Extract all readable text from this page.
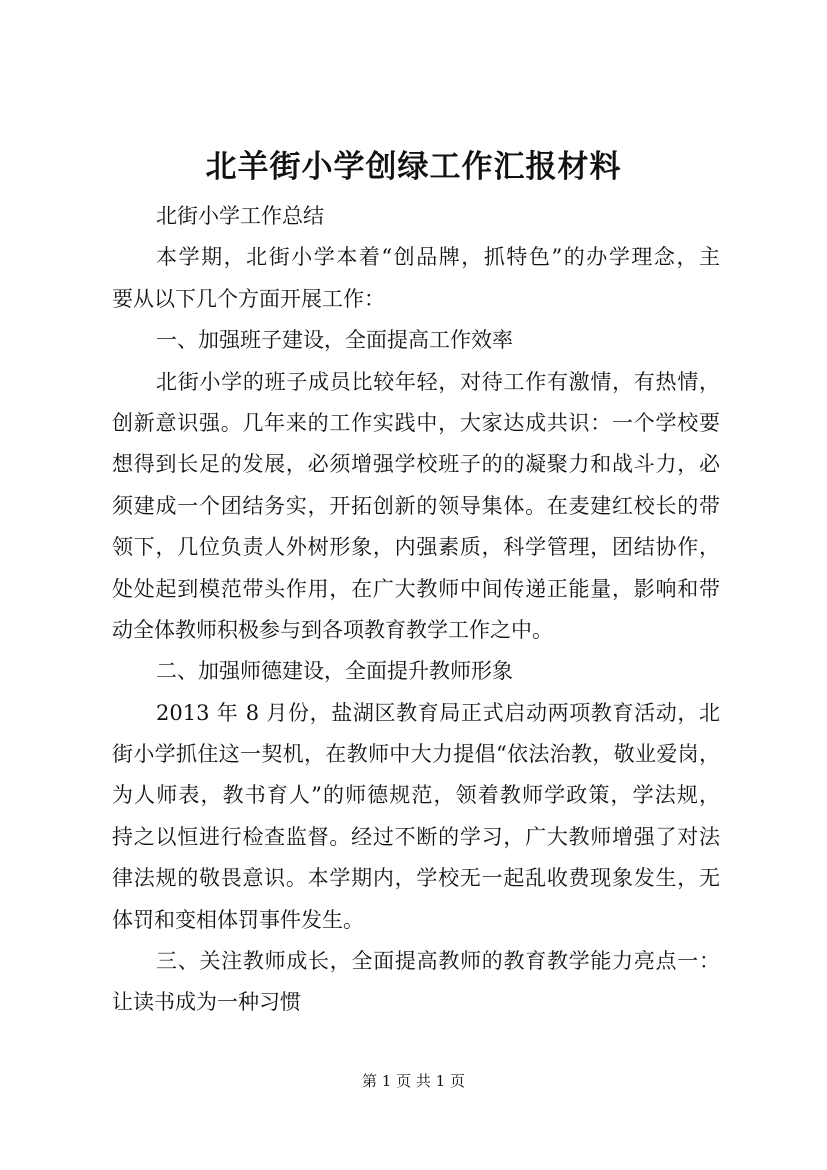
北羊街小学创绿工作汇报材料
北街小学工作总结
本学期，北街小学本着“创品牌，抓特色”的办学理念，主
要从以下几个方面开展工作：
一、加强班子建设，全面提高工作效率
北街小学的班子成员比较年轻，对待工作有激情，有热情，
创新意识强。几年来的工作实践中，大家达成共识：一个学校要
想得到长足的发展，必须增强学校班子的的凝聚力和战斗力，必
须建成一个团结务实，开拓创新的领导集体。在麦建红校长的带
领下，几位负责人外树形象，内强素质，科学管理，团结协作，
处处起到模范带头作用，在广大教师中间传递正能量，影响和带
动全体教师积极参与到各项教育教学工作之中。
二、加强师德建设，全面提升教师形象
2013 年 8 月份，盐湖区教育局正式启动两项教育活动，北
街小学抓住这一契机，在教师中大力提倡“依法治教，敬业爱岗，
为人师表，教书育人”的师德规范，领着教师学政策，学法规，
持之以恒进行检查监督。经过不断的学习，广大教师增强了对法
律法规的敬畏意识。本学期内，学校无一起乱收费现象发生，无
体罚和变相体罚事件发生。
三、关注教师成长，全面提高教师的教育教学能力亮点一：
让读书成为一种习惯
第 1 页 共 1 页
